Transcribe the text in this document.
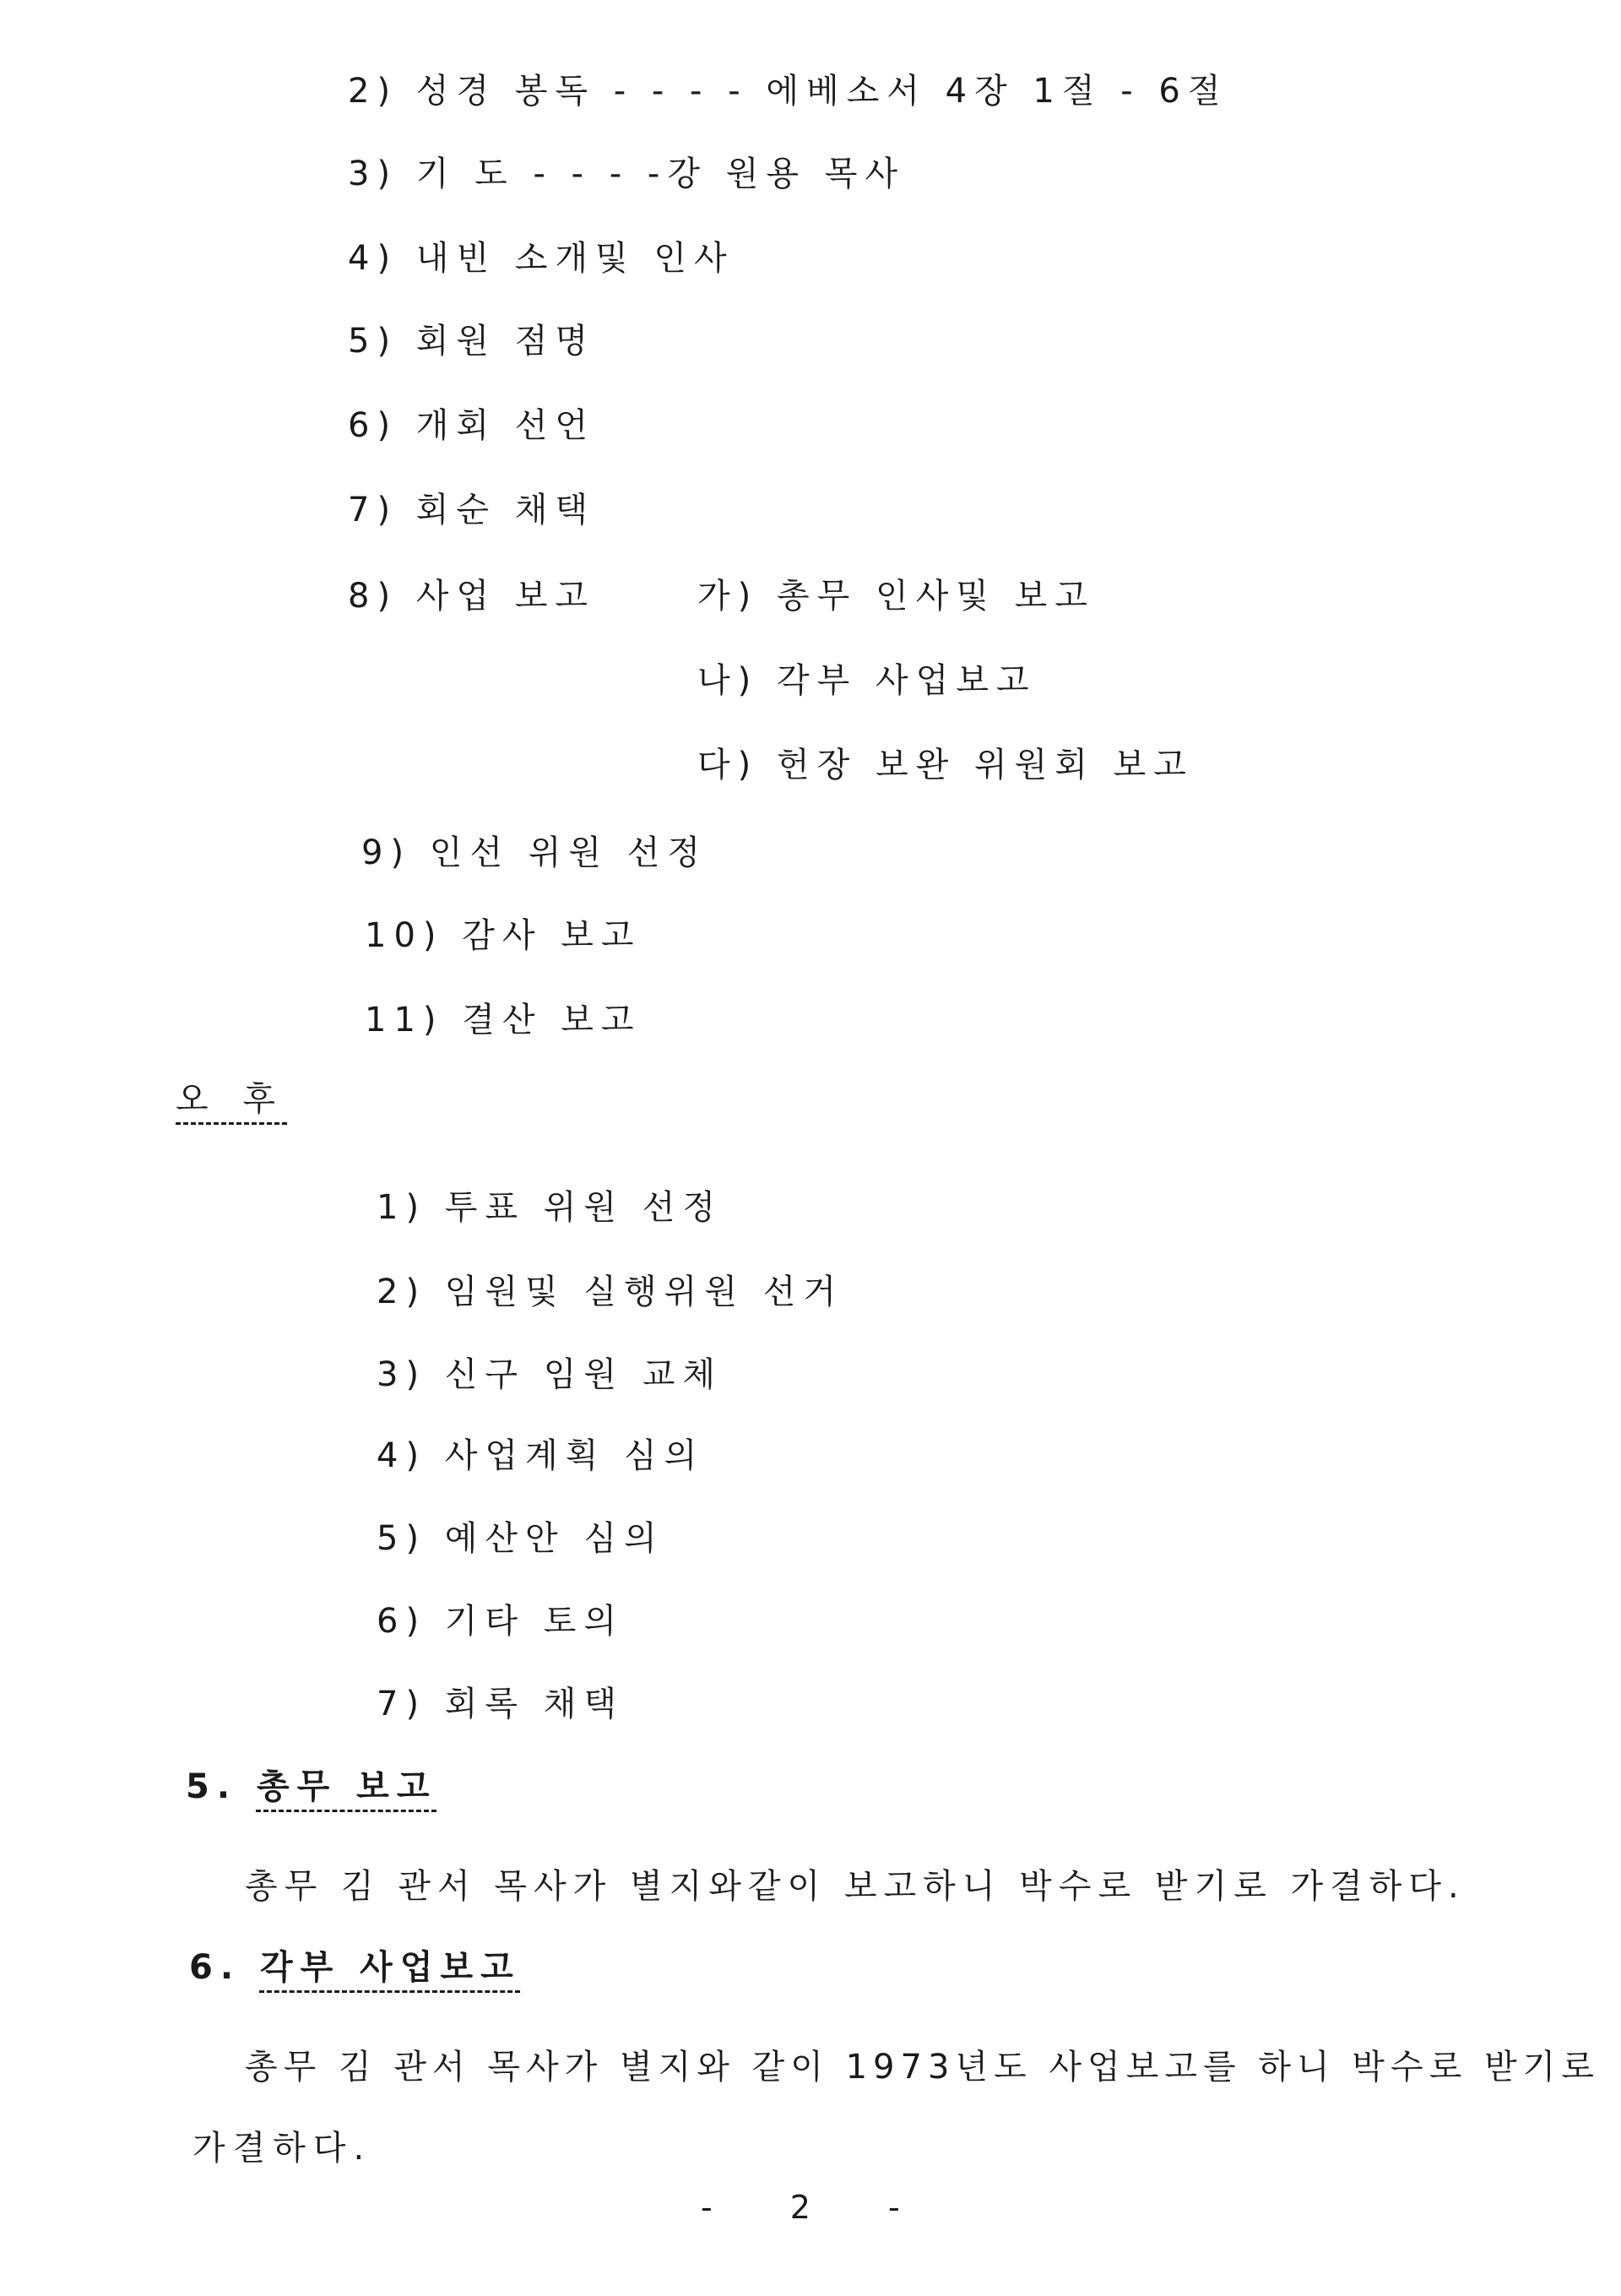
2) 성경 봉독 - - - - 에베소서 4장 1절 - 6절
3) 기 도 - - - -강 원용 목사
4) 내빈 소개및 인사
5) 회원 점명
6) 개회 선언
7) 회순 채택
8) 사업 보고	가) 총무 인사및 보고
나) 각부 사업보고
다) 헌장 보완 위원회 보고
9) 인선 위원 선정
10) 감사 보고
11) 결산 보고
오 후
1) 투표 위원 선정
2) 임원및 실행위원 선거
3) 신구 임원 교체
4) 사업계획 심의
5) 예산안 심의
6) 기타 토의
7) 회록 채택
5. 총무 보고
총무 김 관서 목사가 별지와같이 보고하니 박수로 받기로 가결하다.
6. 각부 사업보고
총무 김 관서 목사가 별지와 같이 1973년도 사업보고를 하니 박수로 받기로
가결하다.
- 2 -
